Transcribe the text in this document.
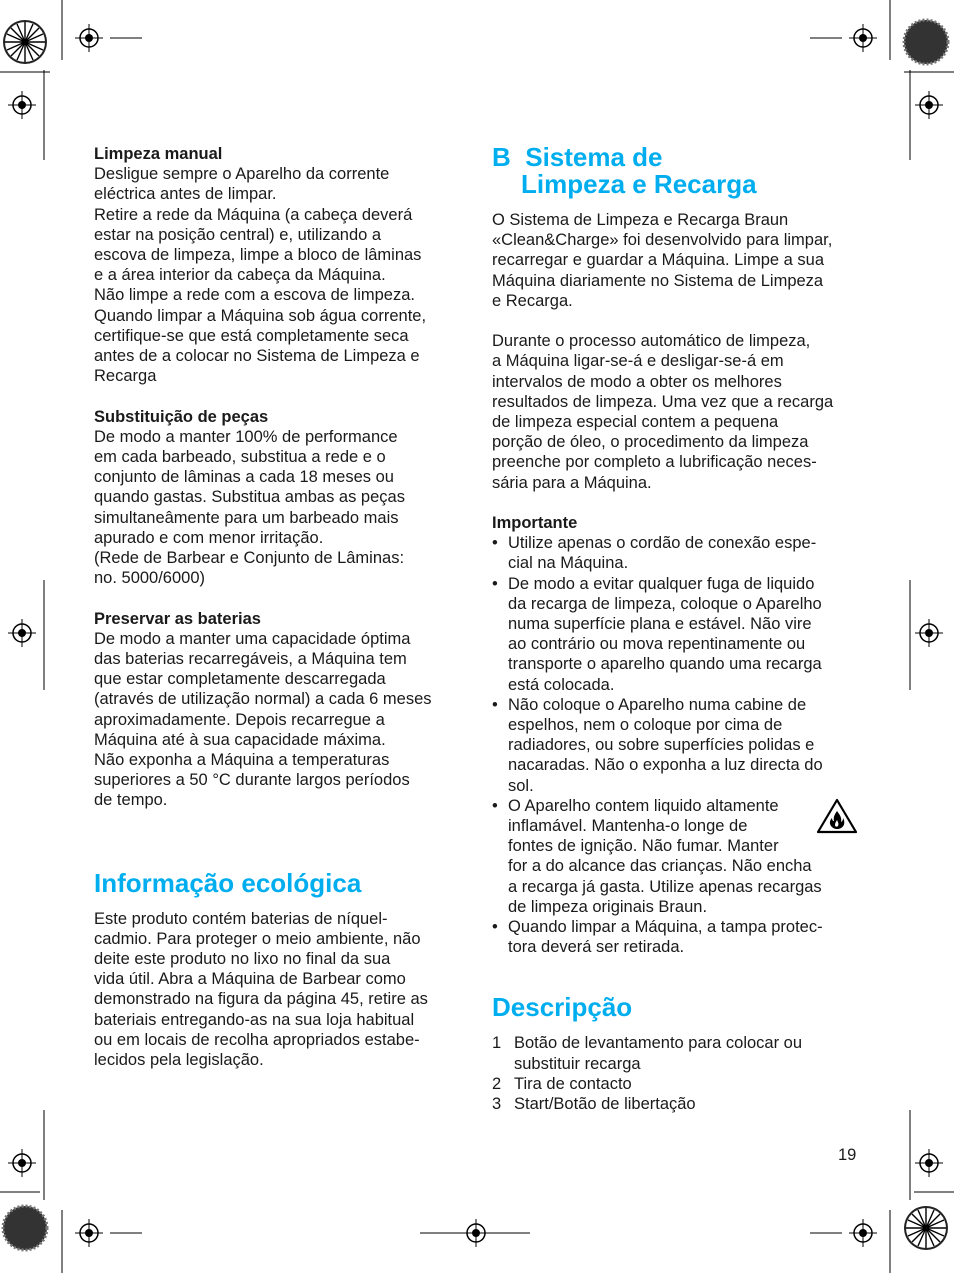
Limpeza manual

Desligue sempre o Aparelho da corrente

eléctrica antes de limpar.

Retire a rede da Máquina (a cabeça deverá

estar na posição central) e, utilizando a

escova de limpeza, limpe a bloco de lâminas

e a área interior da cabeça da Máquina.

Não limpe a rede com a escova de limpeza.

Quando limpar a Máquina sob água corrente,

certifique-se que está completamente seca

antes de a colocar no Sistema de Limpeza e

Recarga

Substituição de peças

De modo a manter 100% de performance

em cada barbeado, substitua a rede e o

conjunto de lâminas a cada 18 meses ou

quando gastas. Substitua ambas as peças

simultaneâmente para um barbeado mais

apurado e com menor irritação.

(Rede de Barbear e Conjunto de Lâminas:

no. 5000/6000)

Preservar as baterias

De modo a manter uma capacidade óptima

das baterias recarregáveis, a Máquina tem

que estar completamente descarregada

(através de utilização normal) a cada 6 meses

aproximadamente. Depois recarregue a

Máquina até à sua capacidade máxima.

Não exponha a Máquina a temperaturas

superiores a 50 °C durante largos períodos

de tempo.

Informação ecológica

Este produto contém baterias de níquel-

cadmio. Para proteger o meio ambiente, não

deite este produto no lixo no final da sua

vida útil. Abra a Máquina de Barbear como

demonstrado na figura da página 45, retire as

bateriais entregando-as na sua loja habitual

ou em locais de recolha apropriados estabe-

lecidos pela legislação.

B  Sistema de

Limpeza e Recarga

O Sistema de Limpeza e Recarga Braun

«Clean&Charge» foi desenvolvido para limpar,

recarregar e guardar a Máquina. Limpe a sua

Máquina diariamente no Sistema de Limpeza

e Recarga.

Durante o processo automático de limpeza,

a Máquina ligar-se-á e desligar-se-á em

intervalos de modo a obter os melhores

resultados de limpeza. Uma vez que a recarga

de limpeza especial contem a pequena

porção de óleo, o procedimento da limpeza

preenche por completo a lubrificação neces-

sária para a Máquina.

Importante

• Utilize apenas o cordão de conexão espe-

cial na Máquina.

• De modo a evitar qualquer fuga de liquido

da recarga de limpeza, coloque o Aparelho

numa superfície plana e estável. Não vire

ao contrário ou mova repentinamente ou

transporte o aparelho quando uma recarga

está colocada.

• Não coloque o Aparelho numa cabine de

espelhos, nem o coloque por cima de

radiadores, ou sobre superfícies polidas e

nacaradas. Não o exponha a luz directa do

sol.

• O Aparelho contem liquido altamente

inflamável. Mantenha-o longe de

fontes de ignição. Não fumar. Manter

for a do alcance das crianças. Não encha

a recarga já gasta. Utilize apenas recargas

de limpeza originais Braun.

• Quando limpar a Máquina, a tampa protec-

tora deverá ser retirada.

Descripção

1 Botão de levantamento para colocar ou

substituir recarga

2 Tira de contacto

3 Start/Botão de libertação

19
